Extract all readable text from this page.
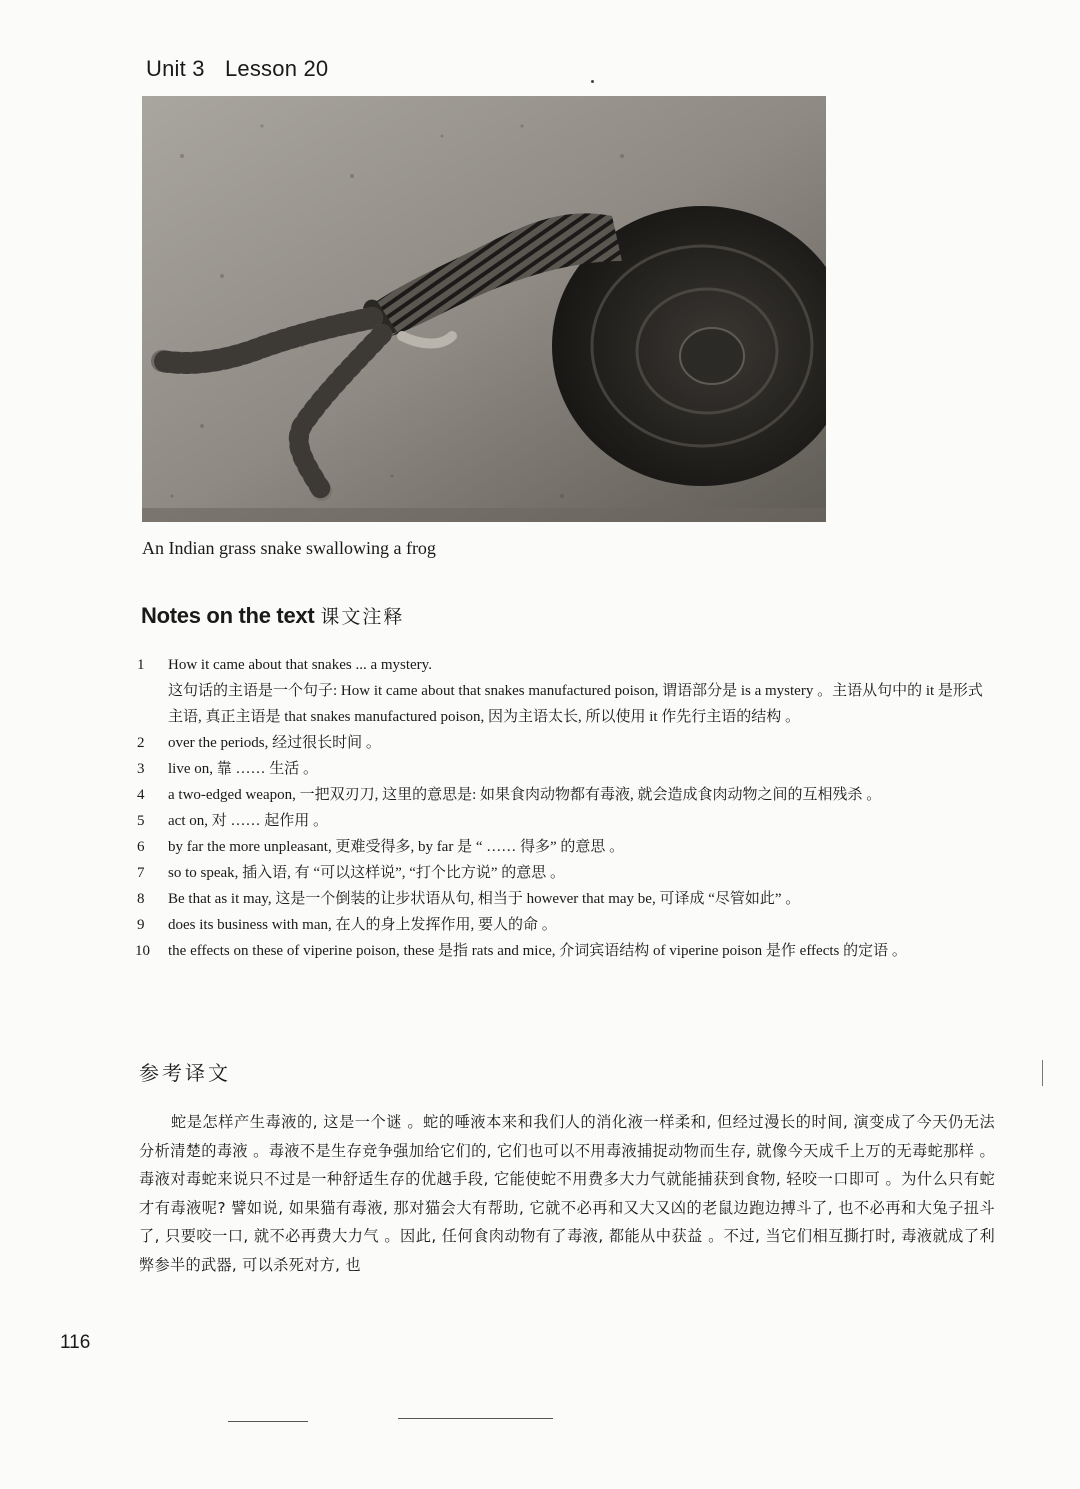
Unit 3 Lesson 20
An Indian grass snake swallowing a frog
Notes on the text 课文注释
1	How it came about that snakes ... a mystery.
这句话的主语是一个句子: How it came about that snakes manufactured poison, 谓语部分是 is a mystery 。主语从句中的 it 是形式主语, 真正主语是 that snakes manufactured poison, 因为主语太长, 所以使用 it 作先行主语的结构 。
2	over the periods, 经过很长时间 。
3	live on, 靠 …… 生活 。
4	a two-edged weapon, 一把双刃刀, 这里的意思是: 如果食肉动物都有毒液, 就会造成食肉动物之间的互相残杀 。
5	act on, 对 …… 起作用 。
6	by far the more unpleasant, 更难受得多, by far 是 “ …… 得多” 的意思 。
7	so to speak, 插入语, 有 “可以这样说”, “打个比方说” 的意思 。
8	Be that as it may, 这是一个倒装的让步状语从句, 相当于 however that may be, 可译成 “尽管如此” 。
9	does its business with man, 在人的身上发挥作用, 要人的命 。
10	the effects on these of viperine poison, these 是指 rats and mice, 介词宾语结构 of viperine poison 是作 effects 的定语 。
参考译文

蛇是怎样产生毒液的, 这是一个谜 。蛇的唾液本来和我们人的消化液一样柔和, 但经过漫长的时间, 演变成了今天仍无法分析清楚的毒液 。毒液不是生存竞争强加给它们的, 它们也可以不用毒液捕捉动物而生存, 就像今天成千上万的无毒蛇那样 。毒液对毒蛇来说只不过是一种舒适生存的优越手段, 它能使蛇不用费多大力气就能捕获到食物, 轻咬一口即可 。为什么只有蛇才有毒液呢? 譬如说, 如果猫有毒液, 那对猫会大有帮助, 它就不必再和又大又凶的老鼠边跑边搏斗了, 也不必再和大兔子扭斗了, 只要咬一口, 就不必再费大力气 。因此, 任何食肉动物有了毒液, 都能从中获益 。不过, 当它们相互撕打时, 毒液就成了利弊参半的武器, 可以杀死对方, 也

116
